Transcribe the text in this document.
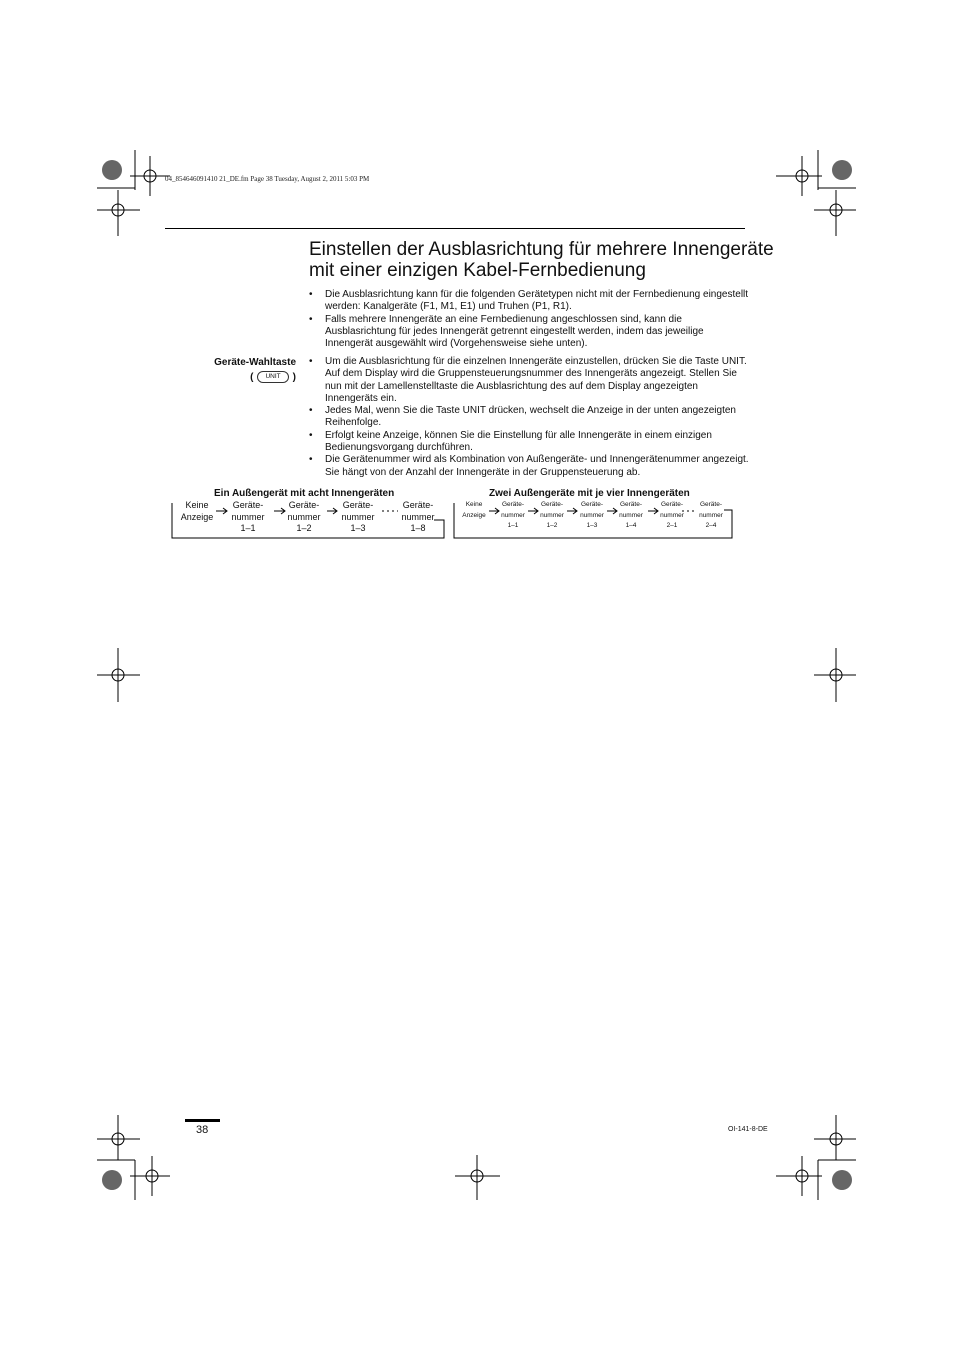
04_854646091410 21_DE.fm Page 38 Tuesday, August 2, 2011 5:03 PM
Einstellen der Ausblasrichtung für mehrere Innengeräte
mit einer einzigen Kabel-Fernbedienung
• Die Ausblasrichtung kann für die folgenden Gerätetypen nicht mit der Fernbedienung eingestellt werden: Kanalgeräte (F1, M1, E1) und Truhen (P1, R1).
• Falls mehrere Innengeräte an eine Fernbedienung angeschlossen sind, kann die Ausblasrichtung für jedes Innengerät getrennt eingestellt werden, indem das jeweilige Innengerät ausgewählt wird (Vorgehensweise siehe unten).
Geräte-Wahltaste
(	UNIT	)
• Um die Ausblasrichtung für die einzelnen Innengeräte einzustellen, drücken Sie die Taste UNIT. Auf dem Display wird die Gruppensteuerungsnummer des Innengeräts angezeigt. Stellen Sie nun mit der Lamellenstelltaste die Ausblasrichtung des auf dem Display angezeigten Innengeräts ein.
• Jedes Mal, wenn Sie die Taste UNIT drücken, wechselt die Anzeige in der unten angezeigten Reihenfolge.
• Erfolgt keine Anzeige, können Sie die Einstellung für alle Innengeräte in einem einzigen Bedienungsvorgang durchführen.
• Die Gerätenummer wird als Kombination von Außengeräte- und Innengerätenummer angezeigt. Sie hängt von der Anzahl der Innengeräte in der Gruppensteuerung ab.
Ein Außengerät mit acht Innengeräten
Keine
Anzeige
Geräte-
nummer
1–1
Geräte-
nummer
1–2
Geräte-
nummer
1–3
Geräte-
nummer
1–8
Zwei Außengeräte mit je vier Innengeräten
Keine
Anzeige
Geräte-
nummer
1–1
Geräte-
nummer
1–2
Geräte-
nummer
1–3
Geräte-
nummer
1–4
Geräte-
nummer
2–1
Geräte-
nummer
2–4
38	OI-141-8-DE
